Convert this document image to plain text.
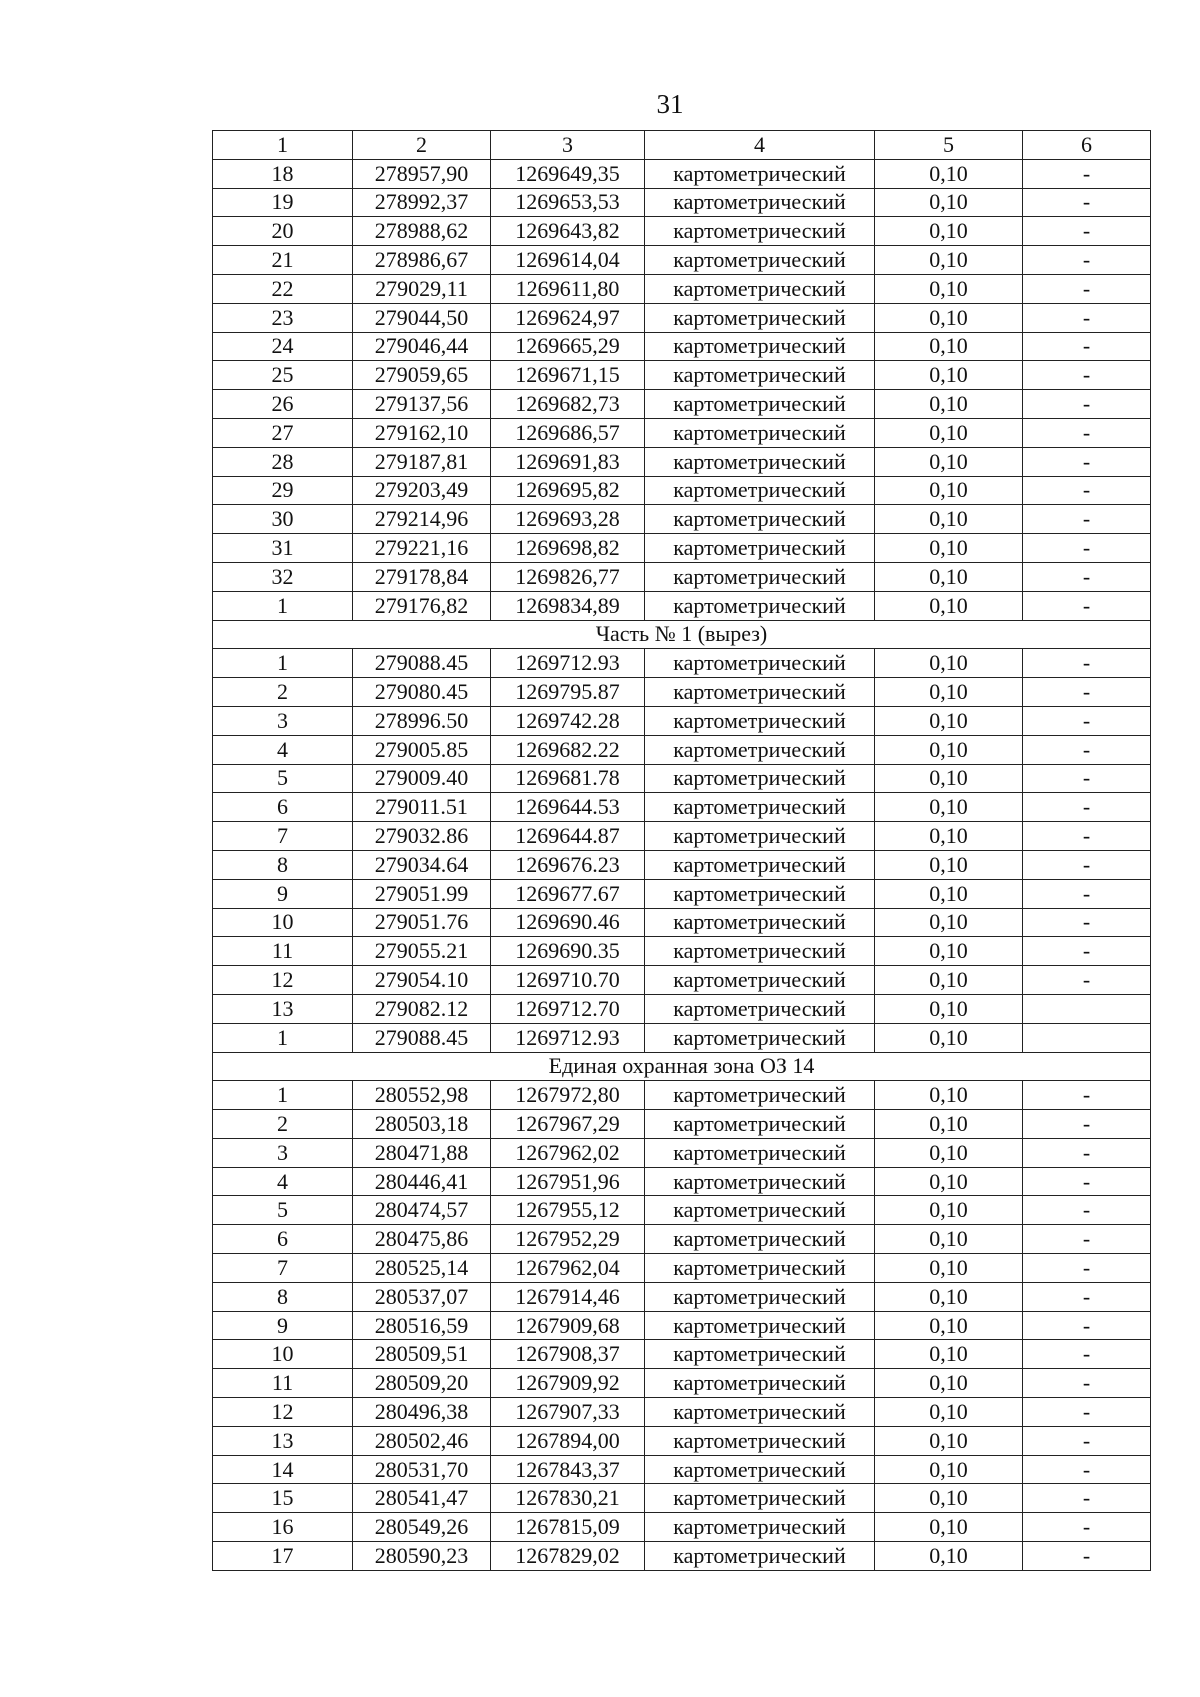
31
1	2	3	4	5	6
18	278957,90	1269649,35	картометрический	0,10	-
19	278992,37	1269653,53	картометрический	0,10	-
20	278988,62	1269643,82	картометрический	0,10	-
21	278986,67	1269614,04	картометрический	0,10	-
22	279029,11	1269611,80	картометрический	0,10	-
23	279044,50	1269624,97	картометрический	0,10	-
24	279046,44	1269665,29	картометрический	0,10	-
25	279059,65	1269671,15	картометрический	0,10	-
26	279137,56	1269682,73	картометрический	0,10	-
27	279162,10	1269686,57	картометрический	0,10	-
28	279187,81	1269691,83	картометрический	0,10	-
29	279203,49	1269695,82	картометрический	0,10	-
30	279214,96	1269693,28	картометрический	0,10	-
31	279221,16	1269698,82	картометрический	0,10	-
32	279178,84	1269826,77	картометрический	0,10	-
1	279176,82	1269834,89	картометрический	0,10	-
Часть № 1 (вырез)					
1	279088.45	1269712.93	картометрический	0,10	-
2	279080.45	1269795.87	картометрический	0,10	-
3	278996.50	1269742.28	картометрический	0,10	-
4	279005.85	1269682.22	картометрический	0,10	-
5	279009.40	1269681.78	картометрический	0,10	-
6	279011.51	1269644.53	картометрический	0,10	-
7	279032.86	1269644.87	картометрический	0,10	-
8	279034.64	1269676.23	картометрический	0,10	-
9	279051.99	1269677.67	картометрический	0,10	-
10	279051.76	1269690.46	картометрический	0,10	-
11	279055.21	1269690.35	картометрический	0,10	-
12	279054.10	1269710.70	картометрический	0,10	-
13	279082.12	1269712.70	картометрический	0,10	
1	279088.45	1269712.93	картометрический	0,10	
Единая охранная зона ОЗ 14					
1	280552,98	1267972,80	картометрический	0,10	-
2	280503,18	1267967,29	картометрический	0,10	-
3	280471,88	1267962,02	картометрический	0,10	-
4	280446,41	1267951,96	картометрический	0,10	-
5	280474,57	1267955,12	картометрический	0,10	-
6	280475,86	1267952,29	картометрический	0,10	-
7	280525,14	1267962,04	картометрический	0,10	-
8	280537,07	1267914,46	картометрический	0,10	-
9	280516,59	1267909,68	картометрический	0,10	-
10	280509,51	1267908,37	картометрический	0,10	-
11	280509,20	1267909,92	картометрический	0,10	-
12	280496,38	1267907,33	картометрический	0,10	-
13	280502,46	1267894,00	картометрический	0,10	-
14	280531,70	1267843,37	картометрический	0,10	-
15	280541,47	1267830,21	картометрический	0,10	-
16	280549,26	1267815,09	картометрический	0,10	-
17	280590,23	1267829,02	картометрический	0,10	-
